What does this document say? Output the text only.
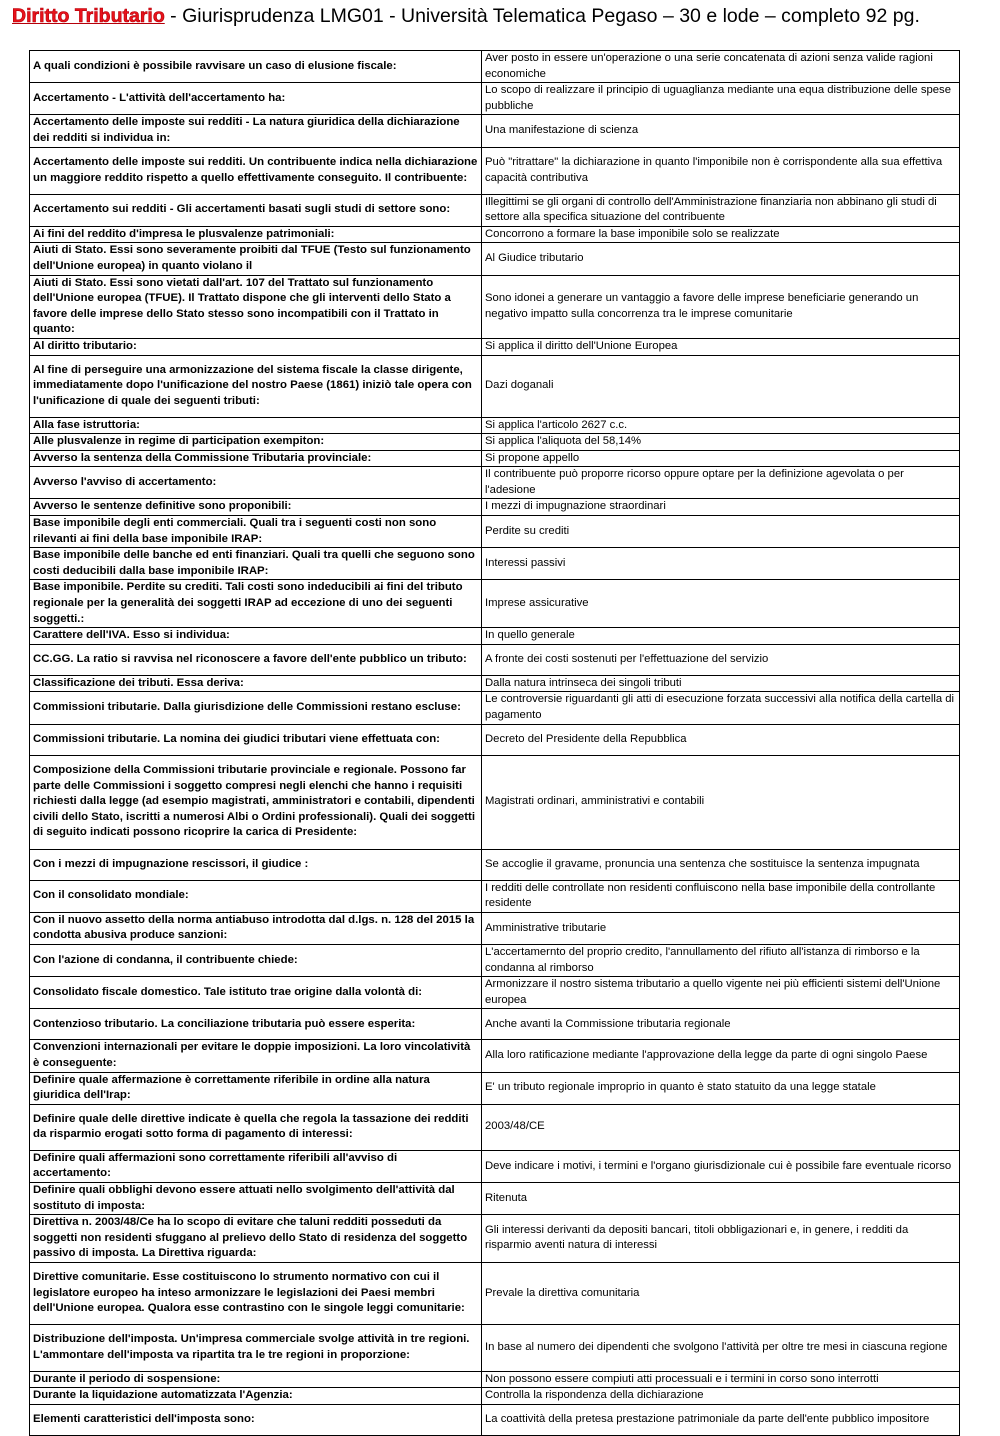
Diritto Tributario - Giurisprudenza LMG01 - Università Telematica Pegaso – 30 e lode – completo 92 pg.
A quali condizioni è possibile ravvisare un caso di elusione fiscale:	Aver posto in essere un'operazione o una serie concatenata di azioni senza valide ragioni economiche
Accertamento - L'attività dell'accertamento ha:	Lo scopo di realizzare il principio di uguaglianza mediante una equa distribuzione delle spese pubbliche
Accertamento delle imposte sui redditi - La natura giuridica della dichiarazione dei redditi si individua in:	Una manifestazione di scienza
Accertamento delle imposte sui redditi. Un contribuente indica nella dichiarazione un maggiore reddito rispetto a quello effettivamente conseguito. Il contribuente:	Può "ritrattare" la dichiarazione in quanto l'imponibile non è corrispondente alla sua effettiva capacità contributiva
Accertamento sui redditi - Gli accertamenti basati sugli studi di settore sono:	Illegittimi se gli organi di controllo dell'Amministrazione finanziaria non abbinano gli studi di settore alla specifica situazione del contribuente
Ai fini del reddito d'impresa le plusvalenze patrimoniali:	Concorrono a formare la base imponibile solo se realizzate
Aiuti di Stato. Essi sono severamente proibiti dal TFUE (Testo sul funzionamento dell'Unione europea) in quanto violano il	Al Giudice tributario
Aiuti di Stato. Essi sono vietati dall'art. 107 del Trattato sul funzionamento dell'Unione europea (TFUE). Il Trattato dispone che gli interventi dello Stato a favore delle imprese dello Stato stesso sono incompatibili con il Trattato in quanto:	Sono idonei a generare un vantaggio a favore delle imprese beneficiarie generando un negativo impatto sulla concorrenza tra le imprese comunitarie
Al diritto tributario:	Si applica il diritto dell'Unione Europea
Al fine di perseguire una armonizzazione del sistema fiscale la classe dirigente, immediatamente dopo l'unificazione del nostro Paese (1861) iniziò tale opera con l'unificazione di quale dei seguenti tributi:	Dazi doganali
Alla fase istruttoria:	Si applica l'articolo 2627 c.c.
Alle plusvalenze in regime di participation exempiton:	Si applica l'aliquota del 58,14%
Avverso la sentenza della Commissione Tributaria provinciale:	Si propone appello
Avverso l'avviso di accertamento:	Il contribuente può proporre ricorso oppure optare per la definizione agevolata o per l'adesione
Avverso le sentenze definitive sono proponibili:	I mezzi di impugnazione straordinari
Base imponibile degli enti commerciali. Quali tra i seguenti costi non sono rilevanti ai fini della base imponibile IRAP:	Perdite su crediti
Base imponibile delle banche ed enti finanziari. Quali tra quelli che seguono sono costi deducibili dalla base imponibile IRAP:	Interessi passivi
Base imponibile. Perdite su crediti. Tali costi sono indeducibili ai fini del tributo regionale per la generalità dei soggetti IRAP ad eccezione di uno dei seguenti soggetti.:	Imprese assicurative
Carattere dell'IVA. Esso si individua:	In quello generale
CC.GG. La ratio si ravvisa nel riconoscere a favore dell'ente pubblico un tributo:	A fronte dei costi sostenuti per l'effettuazione del servizio
Classificazione dei tributi. Essa deriva:	Dalla natura intrinseca dei singoli tributi
Commissioni tributarie. Dalla giurisdizione delle Commissioni restano escluse:	Le controversie riguardanti gli atti di esecuzione forzata successivi alla notifica della cartella di pagamento
Commissioni tributarie. La nomina dei giudici tributari viene effettuata con:	Decreto del Presidente della Repubblica
Composizione della Commissioni tributarie provinciale e regionale. Possono far parte delle Commissioni i soggetto compresi negli elenchi che hanno i requisiti richiesti dalla legge (ad esempio magistrati, amministratori e contabili, dipendenti civili dello Stato, iscritti a numerosi Albi o Ordini professionali). Quali dei soggetti di seguito indicati possono ricoprire la carica di Presidente:	Magistrati ordinari, amministrativi e contabili
Con i mezzi di impugnazione rescissori, il giudice :	Se accoglie il gravame, pronuncia una sentenza che sostituisce la sentenza impugnata
Con il consolidato mondiale:	I redditi delle controllate non residenti confluiscono nella base imponibile della controllante residente
Con il nuovo assetto della norma antiabuso introdotta dal d.lgs. n. 128 del 2015 la condotta abusiva produce sanzioni:	Amministrative tributarie
Con l'azione di condanna, il contribuente chiede:	L'accertamernto del proprio credito, l'annullamento del rifiuto all'istanza di rimborso e la condanna al rimborso
Consolidato fiscale domestico. Tale istituto trae origine dalla volontà di:	Armonizzare il nostro sistema tributario a quello vigente nei più efficienti sistemi dell'Unione europea
Contenzioso tributario. La conciliazione tributaria può essere esperita:	Anche avanti la Commissione tributaria regionale
Convenzioni internazionali per evitare le doppie imposizioni. La loro vincolatività è conseguente:	Alla loro ratificazione mediante l'approvazione della legge da parte di ogni singolo Paese
Definire quale affermazione è correttamente riferibile in ordine alla natura giuridica dell'Irap:	E' un tributo regionale improprio in quanto è stato statuito da una legge statale
Definire quale delle direttive indicate è quella che regola la tassazione dei redditi da risparmio erogati sotto forma di pagamento di interessi:	2003/48/CE
Definire quali affermazioni sono correttamente riferibili all'avviso di accertamento:	Deve indicare i motivi, i termini e l'organo giurisdizionale cui è possibile fare eventuale ricorso
Definire quali obblighi devono essere attuati nello svolgimento dell'attività dal sostituto di imposta:	Ritenuta
Direttiva n. 2003/48/Ce ha lo scopo di evitare che taluni redditi posseduti da soggetti non residenti sfuggano al prelievo dello Stato di residenza del soggetto passivo di imposta. La Direttiva riguarda:	Gli interessi derivanti da depositi bancari, titoli obbligazionari e, in genere, i redditi da risparmio aventi natura di interessi
Direttive comunitarie. Esse costituiscono lo strumento normativo con cui il legislatore europeo ha inteso armonizzare le legislazioni dei Paesi membri dell'Unione europea. Qualora esse contrastino con le singole leggi comunitarie:	Prevale la direttiva comunitaria
Distribuzione dell'imposta. Un'impresa commerciale svolge attività in tre regioni. L'ammontare dell'imposta va ripartita tra le tre regioni in proporzione:	In base al numero dei dipendenti che svolgono l'attività per oltre tre mesi in ciascuna regione
Durante il periodo di sospensione:	Non possono essere compiuti atti processuali e i termini in corso sono interrotti
Durante la liquidazione automatizzata l'Agenzia:	Controlla la rispondenza della dichiarazione
Elementi caratteristici dell'imposta sono:	La coattività della pretesa prestazione patrimoniale da parte dell'ente pubblico impositore
